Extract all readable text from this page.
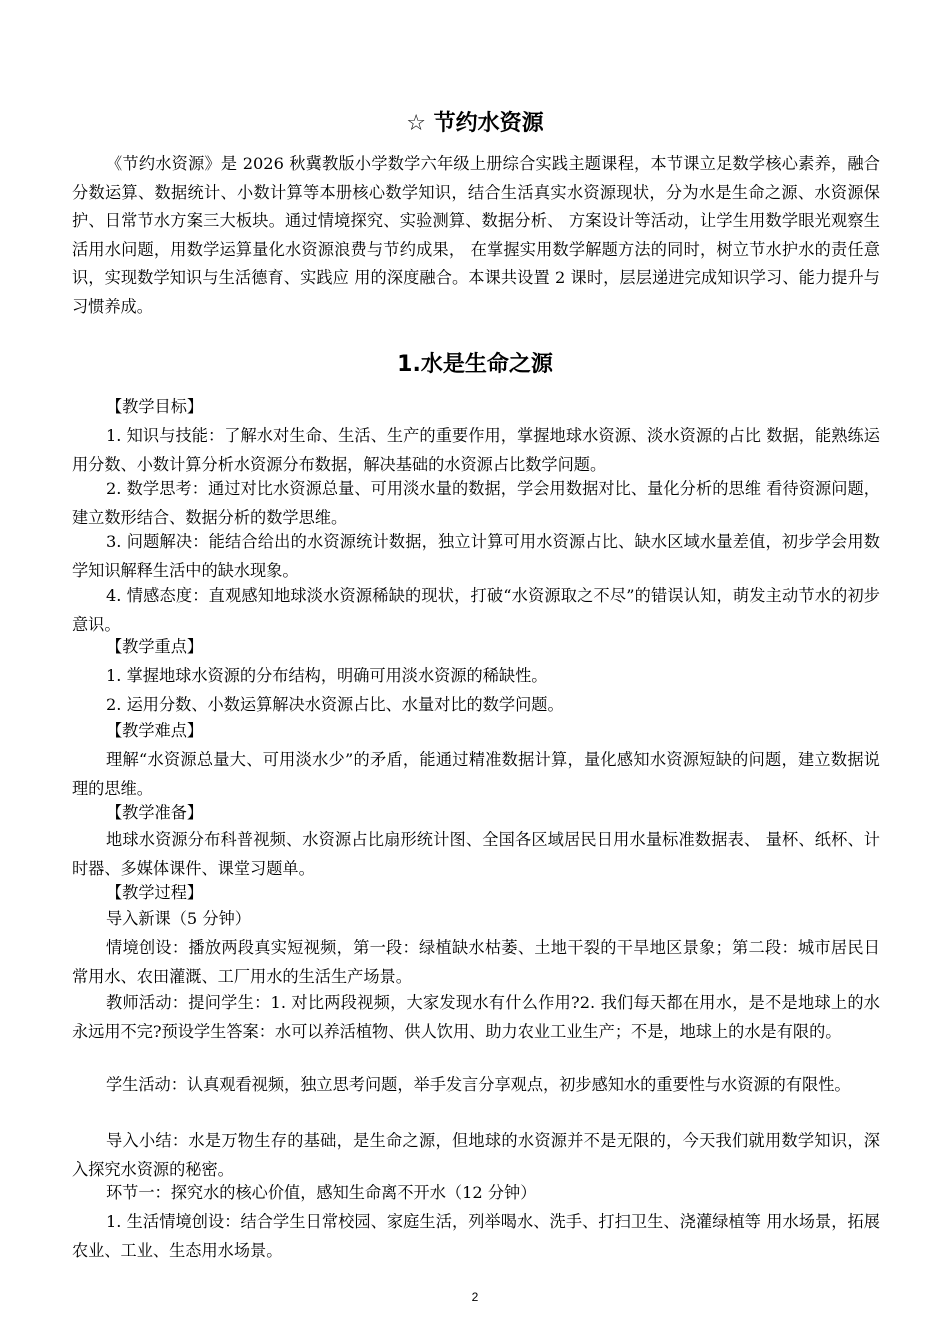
☆ 节约水资源
《节约水资源》是 2026 秋冀教版小学数学六年级上册综合实践主题课程，本节课立足数学核心素养，融合分数运算、数据统计、小数计算等本册核心数学知识，结合生活真实水资源现状，分为水是生命之源、水资源保护、日常节水方案三大板块。通过情境探究、实验测算、数据分析、 方案设计等活动，让学生用数学眼光观察生活用水问题，用数学运算量化水资源浪费与节约成果， 在掌握实用数学解题方法的同时，树立节水护水的责任意识，实现数学知识与生活德育、实践应 用的深度融合。本课共设置 2 课时，层层递进完成知识学习、能力提升与习惯养成。
1.水是生命之源
【教学目标】
1. 知识与技能：了解水对生命、生活、生产的重要作用，掌握地球水资源、淡水资源的占比 数据，能熟练运用分数、小数计算分析水资源分布数据，解决基础的水资源占比数学问题。
2. 数学思考：通过对比水资源总量、可用淡水量的数据，学会用数据对比、量化分析的思维 看待资源问题，建立数形结合、数据分析的数学思维。
3. 问题解决：能结合给出的水资源统计数据，独立计算可用水资源占比、缺水区域水量差值，初步学会用数学知识解释生活中的缺水现象。
4. 情感态度：直观感知地球淡水资源稀缺的现状，打破“水资源取之不尽”的错误认知，萌发主动节水的初步意识。
【教学重点】
1. 掌握地球水资源的分布结构，明确可用淡水资源的稀缺性。
2. 运用分数、小数运算解决水资源占比、水量对比的数学问题。
【教学难点】
理解“水资源总量大、可用淡水少”的矛盾，能通过精准数据计算，量化感知水资源短缺的问题，建立数据说理的思维。
【教学准备】
地球水资源分布科普视频、水资源占比扇形统计图、全国各区域居民日用水量标准数据表、 量杯、纸杯、计时器、多媒体课件、课堂习题单。
【教学过程】
导入新课（5 分钟）
情境创设：播放两段真实短视频，第一段：绿植缺水枯萎、土地干裂的干旱地区景象；第二段：城市居民日常用水、农田灌溉、工厂用水的生活生产场景。
教师活动：提问学生：1. 对比两段视频，大家发现水有什么作用?2. 我们每天都在用水，是不是地球上的水永远用不完?预设学生答案：水可以养活植物、供人饮用、助力农业工业生产；不是，地球上的水是有限的。
学生活动：认真观看视频，独立思考问题，举手发言分享观点，初步感知水的重要性与水资源的有限性。
导入小结：水是万物生存的基础，是生命之源，但地球的水资源并不是无限的，今天我们就用数学知识，深入探究水资源的秘密。
环节一：探究水的核心价值，感知生命离不开水（12 分钟）
1. 生活情境创设：结合学生日常校园、家庭生活，列举喝水、洗手、打扫卫生、浇灌绿植等 用水场景，拓展农业、工业、生态用水场景。
2
